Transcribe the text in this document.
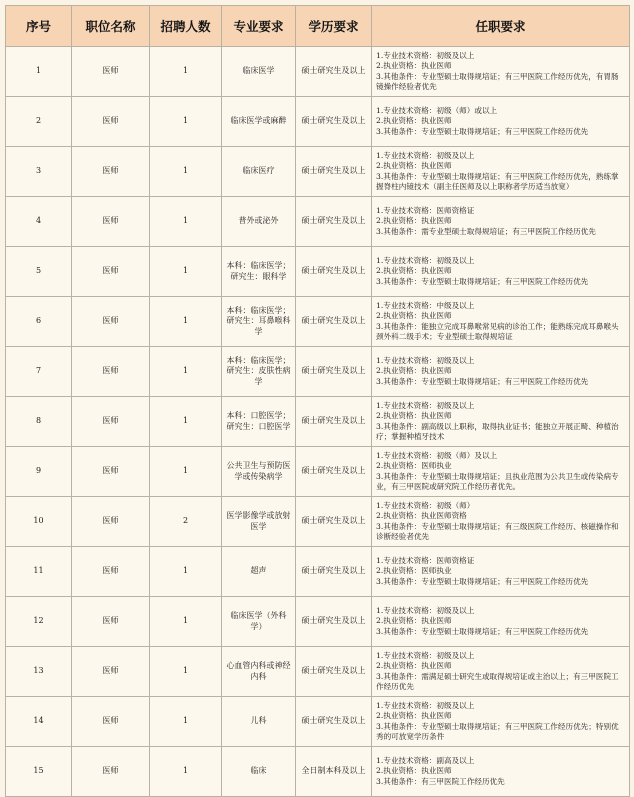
序号	职位名称	招聘人数	专业要求	学历要求	任职要求
1	医师	1	临床医学	硕士研究生及以上	1.专业技术资格：初级及以上
2.执业资格：执业医师
3.其他条件：专业型硕士取得规培证；有三甲医院工作经历优先，有胃肠镜操作经验者优先

2	医师	1	临床医学或麻醉	硕士研究生及以上	1.专业技术资格：初级（师）或以上
2.执业资格：执业医师
3.其他条件：专业型硕士取得规培证；有三甲医院工作经历优先

3	医师	1	临床医疗	硕士研究生及以上	1.专业技术资格：初级及以上
2.执业资格：执业医师
3.其他条件：专业型硕士取得规培证；有三甲医院工作经历优先，熟练掌握脊柱内镜技术（副主任医师及以上职称者学历适当放宽）

4	医师	1	普外或泌外	硕士研究生及以上	1.专业技术资格：医师资格证
2.执业资格：执业医师
3.其他条件：需专业型硕士取得规培证；有三甲医院工作经历优先

5	医师	1	本科：临床医学；研究生：眼科学	硕士研究生及以上	1.专业技术资格：初级及以上
2.执业资格：执业医师
3.其他条件：专业型硕士取得规培证；有三甲医院工作经历优先

6	医师	1	本科：临床医学；研究生：耳鼻喉科学	硕士研究生及以上	1.专业技术资格：中级及以上
2.执业资格：执业医师
3.其他条件：能独立完成耳鼻喉常见病的诊治工作；能熟练完成耳鼻喉头颈外科二级手术；专业型硕士取得规培证

7	医师	1	本科：临床医学；研究生：皮肤性病学	硕士研究生及以上	1.专业技术资格：初级及以上
2.执业资格：执业医师
3.其他条件：专业型硕士取得规培证；有三甲医院工作经历优先

8	医师	1	本科：口腔医学；研究生：口腔医学	硕士研究生及以上	1.专业技术资格：初级及以上
2.执业资格：执业医师
3.其他条件：副高级以上职称，取得执业证书；能独立开展正畸、种植治疗；掌握种植牙技术

9	医师	1	公共卫生与预防医学或传染病学	硕士研究生及以上	1.专业技术资格：初级（师）及以上
2.执业资格：医师执业
3.其他条件：专业型硕士取得规培证；且执业范围为公共卫生或传染病专业，有三甲医院或研究院工作经历者优先。

10	医师	2	医学影像学或放射医学	硕士研究生及以上	1.专业技术资格：初级（师）
2.执业资格：执业医师资格
3.其他条件：专业型硕士取得规培证；有三级医院工作经历、核磁操作和诊断经验者优先

11	医师	1	超声	硕士研究生及以上	1.专业技术资格：医师资格证
2.执业资格：医师执业
3.其他条件：专业型硕士取得规培证；有三甲医院工作经历优先

12	医师	1	临床医学（外科学）	硕士研究生及以上	1.专业技术资格：初级及以上
2.执业资格：执业医师
3.其他条件：专业型硕士取得规培证；有三甲医院工作经历优先

13	医师	1	心血管内科或神经内科	硕士研究生及以上	1.专业技术资格：初级及以上
2.执业资格：执业医师
3.其他条件：需满足硕士研究生或取得规培证或主治以上；有三甲医院工作经历优先

14	医师	1	儿科	硕士研究生及以上	1.专业技术资格：初级及以上
2.执业资格：执业医师
3.其他条件：专业型硕士取得规培证；有三甲医院工作经历优先；特别优秀的可放宽学历条件

15	医师	1	临床	全日制本科及以上	1.专业技术资格：副高及以上
2.执业资格：执业医师
3.其他条件：有三甲医院工作经历优先
